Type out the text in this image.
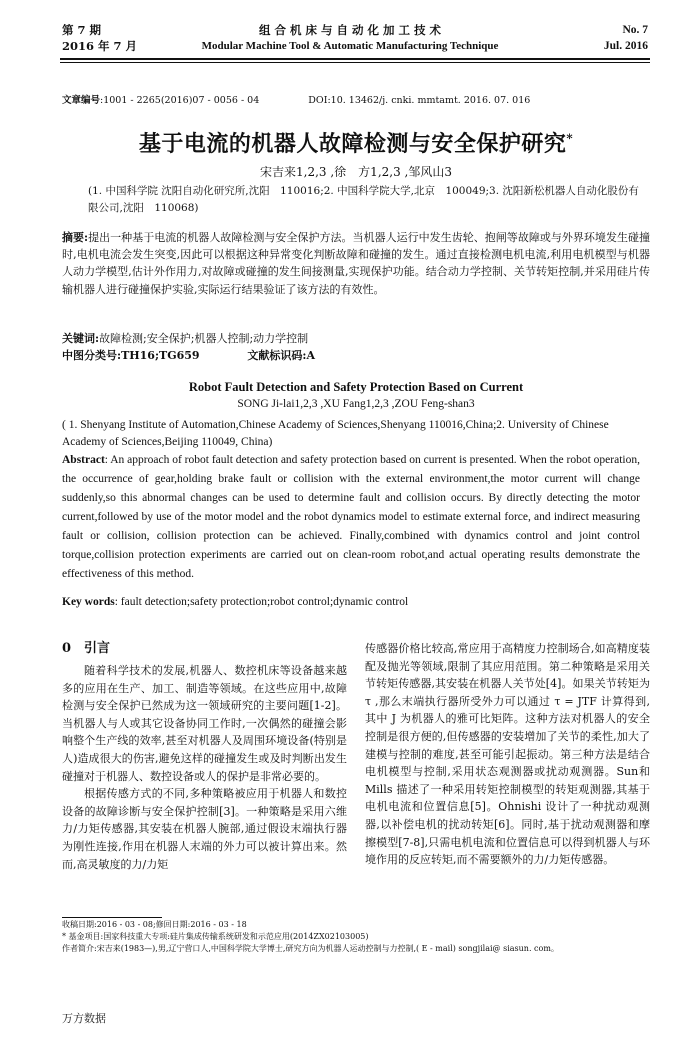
第 7 期
2016 年 7 月
组 合 机 床 与 自 动 化 加 工 技 术
Modular Machine Tool & Automatic Manufacturing Technique
No. 7
Jul. 2016
文章编号:1001 - 2265(2016)07 - 0056 - 04	DOI:10. 13462/j. cnki. mmtamt. 2016. 07. 016
基于电流的机器人故障检测与安全保护研究*
宋吉来1,2,3 ,徐　方1,2,3 ,邹风山3
(1. 中国科学院 沈阳自动化研究所,沈阳　110016;2. 中国科学院大学,北京　100049;3. 沈阳新松机器人自动化股份有限公司,沈阳　110068)
摘要:提出一种基于电流的机器人故障检测与安全保护方法。当机器人运行中发生齿轮、抱闸等故障或与外界环境发生碰撞时,电机电流会发生突变,因此可以根据这种异常变化判断故障和碰撞的发生。通过直接检测电机电流,利用电机模型与机器人动力学模型,估计外作用力,对故障或碰撞的发生间接测量,实现保护功能。结合动力学控制、关节转矩控制,并采用硅片传输机器人进行碰撞保护实验,实际运行结果验证了该方法的有效性。
关键词:故障检测;安全保护;机器人控制;动力学控制
中图分类号:TH16;TG659	文献标识码:A
Robot Fault Detection and Safety Protection Based on Current
SONG Ji-lai1,2,3 ,XU Fang1,2,3 ,ZOU Feng-shan3
( 1. Shenyang Institute of Automation,Chinese Academy of Sciences,Shenyang 110016,China;2. University of Chinese Academy of Sciences,Beijing 110049, China)
Abstract: An approach of robot fault detection and safety protection based on current is presented. When the robot operation, the occurrence of gear,holding brake fault or collision with the external environment,the motor current will change suddenly,so this abnormal changes can be used to determine fault and collision occurs. By directly detecting the motor current,followed by use of the motor model and the robot dynamics model to estimate external force, and indirect measuring fault or collision, collision protection can be achieved. Finally,combined with dynamics control and joint control torque,collision protection experiments are carried out on clean-room robot,and actual operating results demonstrate the effectiveness of this method.
Key words: fault detection;safety protection;robot control;dynamic control
0　引言

随着科学技术的发展,机器人、数控机床等设备越来越多的应用在生产、加工、制造等领域。在这些应用中,故障检测与安全保护已然成为这一领域研究的主要问题[1-2]。当机器人与人或其它设备协同工作时,一次偶然的碰撞会影响整个生产线的效率,甚至对机器人及周围环境设备(特别是人)造成很大的伤害,避免这样的碰撞发生或及时判断出发生碰撞对于机器人、数控设备或人的保护是非常必要的。

根据传感方式的不同,多种策略被应用于机器人和数控设备的故障诊断与安全保护控制[3]。一种策略是采用六维力/力矩传感器,其安装在机器人腕部,通过假设末端执行器为刚性连接,作用在机器人末端的外力可以被计算出来。然而,高灵敏度的力/力矩

传感器价格比较高,常应用于高精度力控制场合,如高精度装配及抛光等领域,限制了其应用范围。第二种策略是采用关节转矩传感器,其安装在机器人关节处[4]。如果关节转矩为 τ ,那么末端执行器所受外力可以通过 τ = JTF 计算得到,其中 J 为机器人的雅可比矩阵。这种方法对机器人的安全控制是很方便的,但传感器的安装增加了关节的柔性,加大了建模与控制的难度,甚至可能引起振动。第三种方法是结合电机模型与控制,采用状态观测器或扰动观测器。Sun和 Mills 描述了一种采用转矩控制模型的转矩观测器,其基于电机电流和位置信息[5]。Ohnishi 设计了一种扰动观测器,以补偿电机的扰动转矩[6]。同时,基于扰动观测器和摩擦模型[7-8],只需电机电流和位置信息可以得到机器人与环境作用的反应转矩,而不需要额外的力/力矩传感器。

收稿日期:2016 - 03 - 08;修回日期:2016 - 03 - 18
* 基金项目:国家科技重大专项:硅片集成传输系统研发和示范应用(2014ZX02103005)
作者简介:宋吉来(1983—),男,辽宁营口人,中国科学院大学博士,研究方向为机器人运动控制与力控制,( E - mail) songjilai@ siasun. com。
万方数据
